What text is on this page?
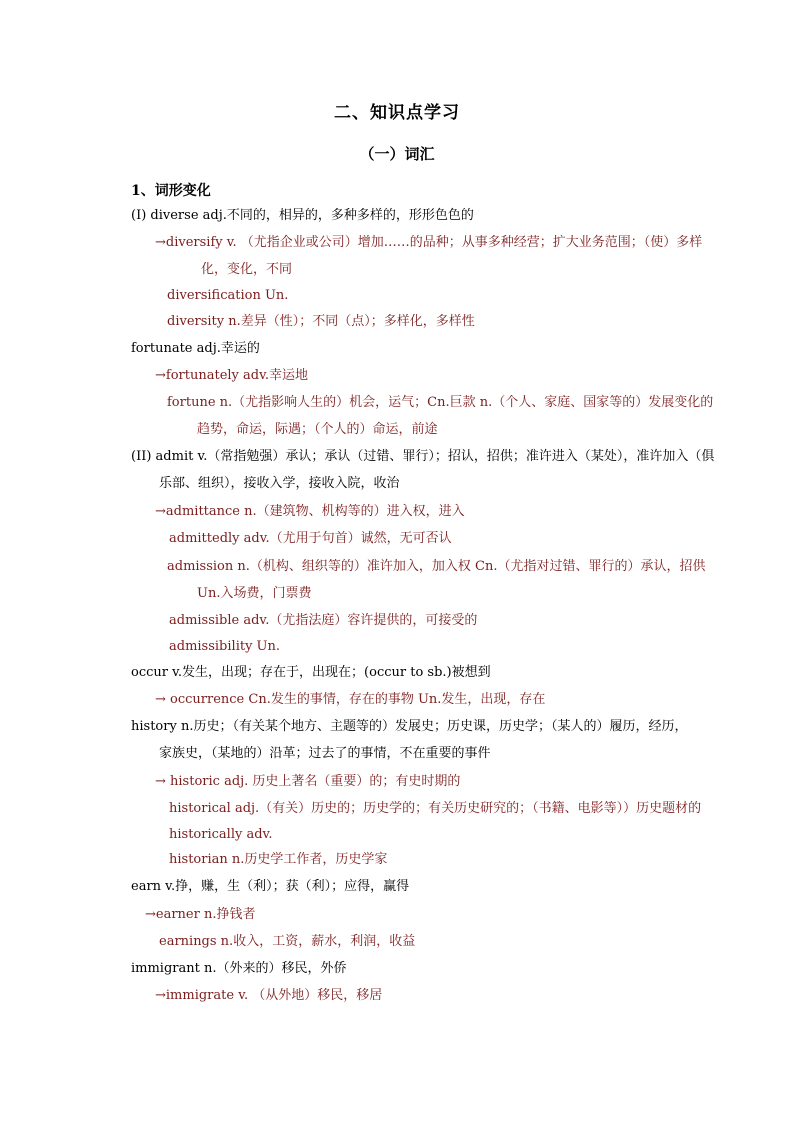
二、知识点学习
（一）词汇
1、词形变化
(I) diverse adj.不同的，相异的，多种多样的，形形色色的
→diversify v. （尤指企业或公司）增加……的品种；从事多种经营；扩大业务范围；（使）多样
化，变化，不同
diversification Un.
diversity n.差异（性）；不同（点）；多样化，多样性
fortunate adj.幸运的
→fortunately adv.幸运地
fortune n.（尤指影响人生的）机会，运气；Cn.巨款 n.（个人、家庭、国家等的）发展变化的
趋势，命运，际遇；（个人的）命运，前途
(II) admit v.（常指勉强）承认；承认（过错、罪行）；招认，招供；准许进入（某处），准许加入（俱
乐部、组织），接收入学，接收入院，收治
→admittance n.（建筑物、机构等的）进入权，进入
admittedly adv.（尤用于句首）诚然，无可否认
admission n.（机构、组织等的）准许加入，加入权 Cn.（尤指对过错、罪行的）承认，招供
Un.入场费，门票费
admissible adv.（尤指法庭）容许提供的，可接受的
admissibility Un.
occur v.发生，出现；存在于，出现在；(occur to sb.)被想到
→ occurrence Cn.发生的事情，存在的事物 Un.发生，出现，存在
history n.历史；（有关某个地方、主题等的）发展史；历史课，历史学；（某人的）履历，经历，
家族史，（某地的）沿革；过去了的事情，不在重要的事件
→ historic adj. 历史上著名（重要）的；有史时期的
historical adj.（有关）历史的；历史学的；有关历史研究的；（书籍、电影等））历史题材的
historically adv.
historian n.历史学工作者，历史学家
earn v.挣，赚，生（利）；获（利）；应得，赢得
→earner n.挣钱者
earnings n.收入，工资，薪水，利润，收益
immigrant n.（外来的）移民，外侨
→immigrate v. （从外地）移民，移居
